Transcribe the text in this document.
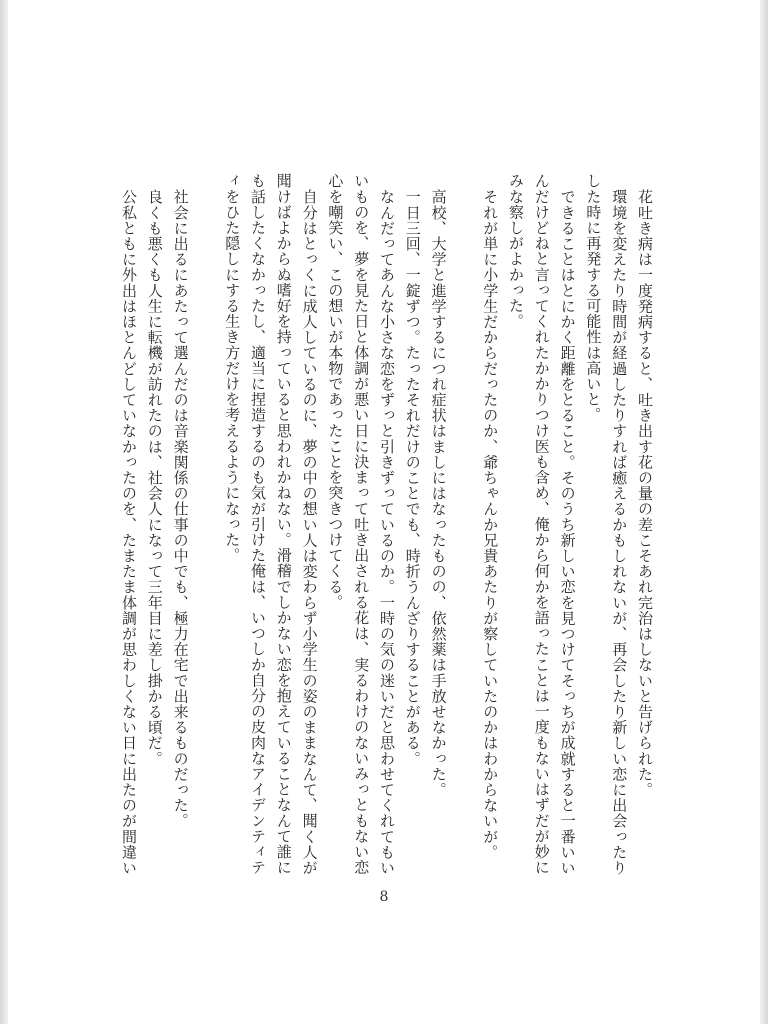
花吐き病は一度発病すると、吐き出す花の量の差こそあれ完治はしないと告げられた。
環境を変えたり時間が経過したりすれば癒えるかもしれないが、再会したり新しい恋に出会ったり
した時に再発する可能性は高いと。
できることはとにかく距離をとること。そのうち新しい恋を見つけてそっちが成就すると一番いい
んだけどねと言ってくれたかかりつけ医も含め、俺から何かを語ったことは一度もないはずだが妙に
みな察しがよかった。
それが単に小学生だからだったのか、爺ちゃんか兄貴あたりが察していたのかはわからないが。
高校、大学と進学するにつれ症状はましにはなったものの、依然薬は手放せなかった。
一日三回、一錠ずつ。たったそれだけのことでも、時折うんざりすることがある。
なんだってあんな小さな恋をずっと引きずっているのか。一時の気の迷いだと思わせてくれてもい
いものを、夢を見た日と体調が悪い日に決まって吐き出される花は、実るわけのないみっともない恋
心を嘲笑い、この想いが本物であったことを突きつけてくる。
自分はとっくに成人しているのに、夢の中の想い人は変わらず小学生の姿のままなんて、聞く人が
聞けばよからぬ嗜好を持っていると思われかねない。滑稽でしかない恋を抱えていることなんて誰に
も話したくなかったし、適当に捏造するのも気が引けた俺は、いつしか自分の皮肉なアイデンティテ
ィをひた隠しにする生き方だけを考えるようになった。
社会に出るにあたって選んだのは音楽関係の仕事の中でも、極力在宅で出来るものだった。
良くも悪くも人生に転機が訪れたのは、社会人になって三年目に差し掛かる頃だ。
公私ともに外出はほとんどしていなかったのを、たまたま体調が思わしくない日に出たのが間違い
8
